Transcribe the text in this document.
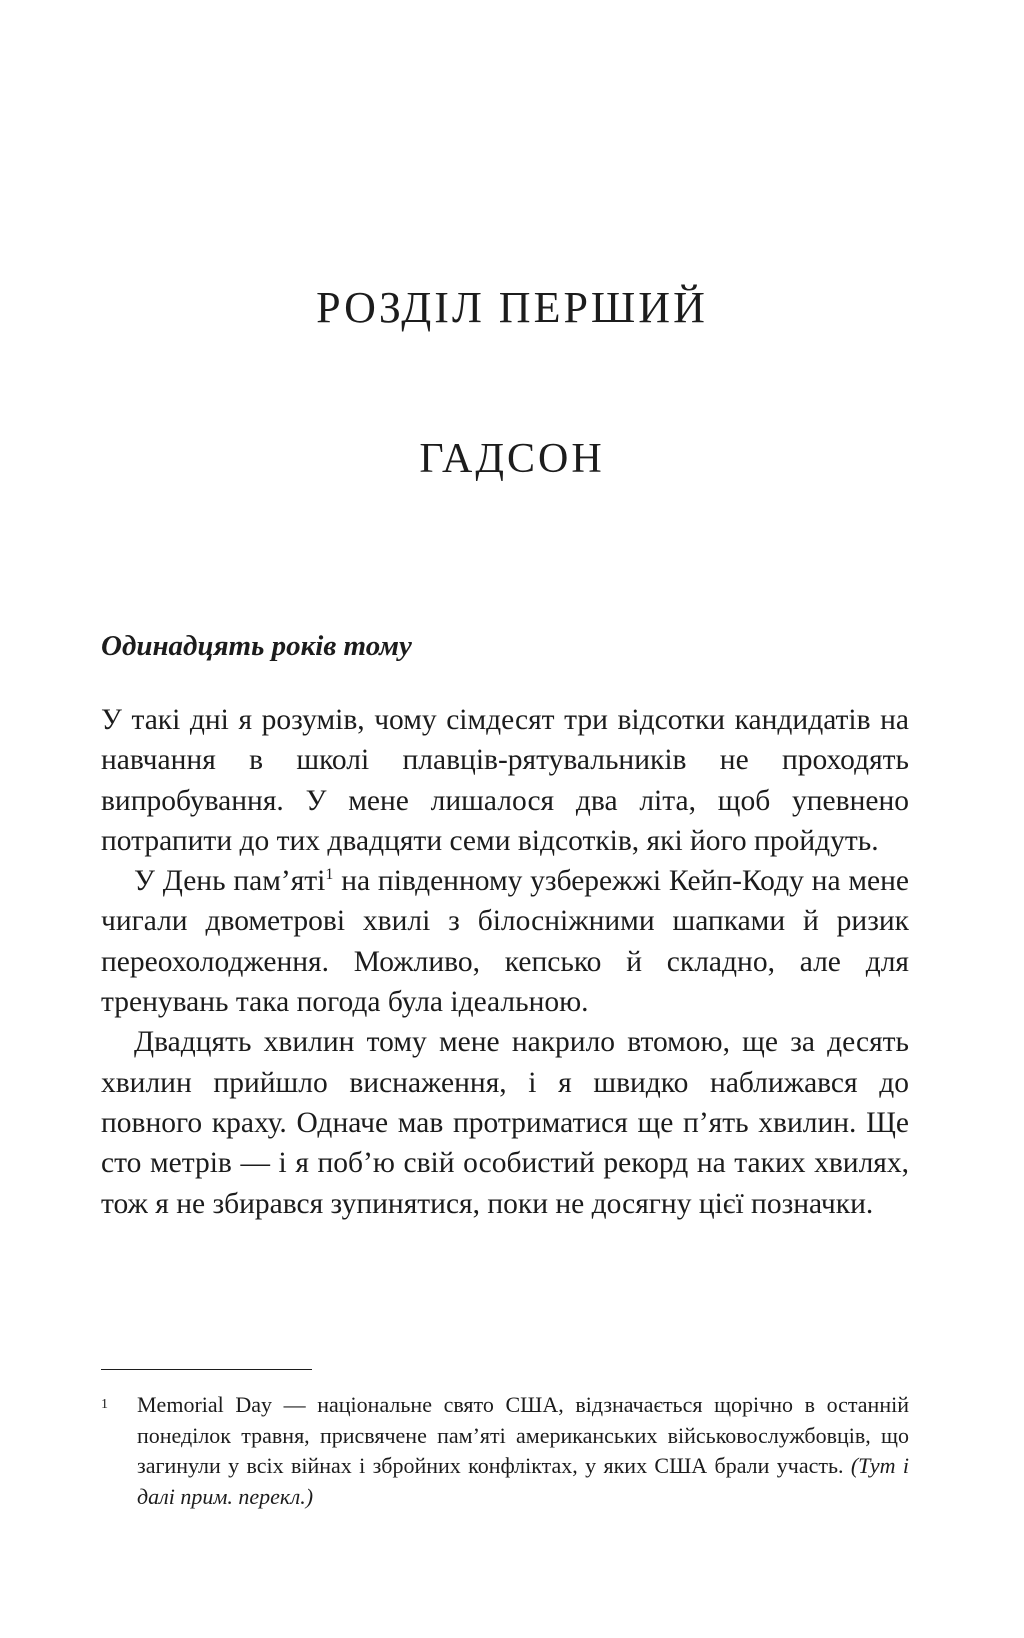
РОЗДІЛ ПЕРШИЙ
ГАДСОН
Одинадцять років тому

У такі дні я розумів, чому сімдесят три відсотки кандидатів на навчання в школі плавців-рятувальників не проходять випробування. У мене лишалося два літа, щоб упевнено потрапити до тих двадцяти семи відсотків, які його пройдуть.

У День пам’яті$^1$ на південному узбережжі Кейп-Коду на мене чигали двометрові хвилі з білосніжними шапками й ризик переохолодження. Можливо, кепсько й складно, але для тренувань така погода була ідеальною.

Двадцять хвилин тому мене накрило втомою, ще за десять хвилин прийшло виснаження, і я швидко наближався до повного краху. Одначе мав протриматися ще п’ять хвилин. Ще сто метрів — і я поб’ю свій особистий рекорд на таких хвилях, тож я не збирався зупинятися, поки не досягну цієї позначки.

1 Memorial Day — національне свято США, відзначається щорічно в останній понеділок травня, присвячене пам’яті американських військовослужбовців, що загинули у всіх війнах і збройних конфліктах, у яких США брали участь. (Тут і далі прим. перекл.)
